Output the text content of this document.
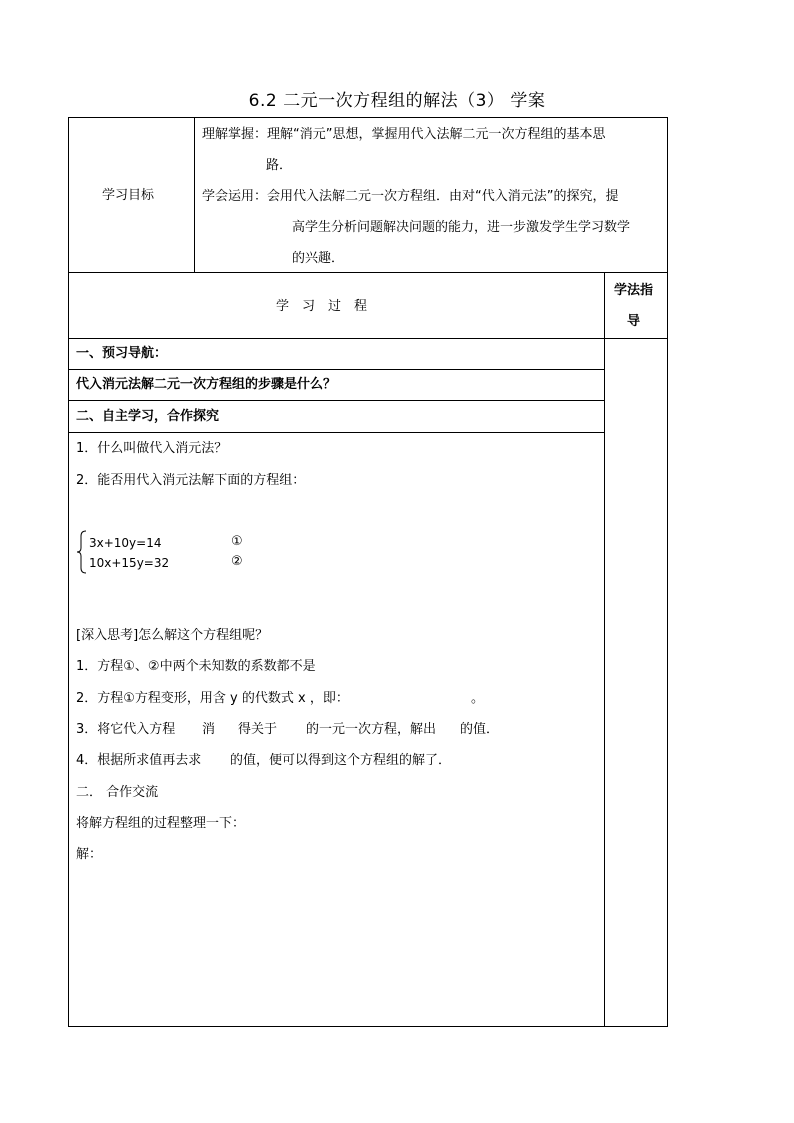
6.2 二元一次方程组的解法（3） 学案
学习目标
理解掌握：理解“消元”思想，掌握用代入法解二元一次方程组的基本思
路．
学会运用：会用代入法解二元一次方程组．由对“代入消元法”的探究，提
高学生分析问题解决问题的能力，进一步激发学生学习数学
的兴趣．
学　习　过　程
学法指
导
一、预习导航：
代入消元法解二元一次方程组的步骤是什么？
二、自主学习，合作探究
1．什么叫做代入消元法？
2．能否用代入消元法解下面的方程组：
3x+10y=14	①
10x+15y=32	②
[深入思考]怎么解这个方程组呢？
1．方程①、②中两个未知数的系数都不是
2．方程①方程变形，用含 y 的代数式 x ，即：	。
3．将它代入方程 消 得关于 的一元一次方程，解出 的值．
4．根据所求值再去求 的值，便可以得到这个方程组的解了．
二． 合作交流
将解方程组的过程整理一下：
解：
